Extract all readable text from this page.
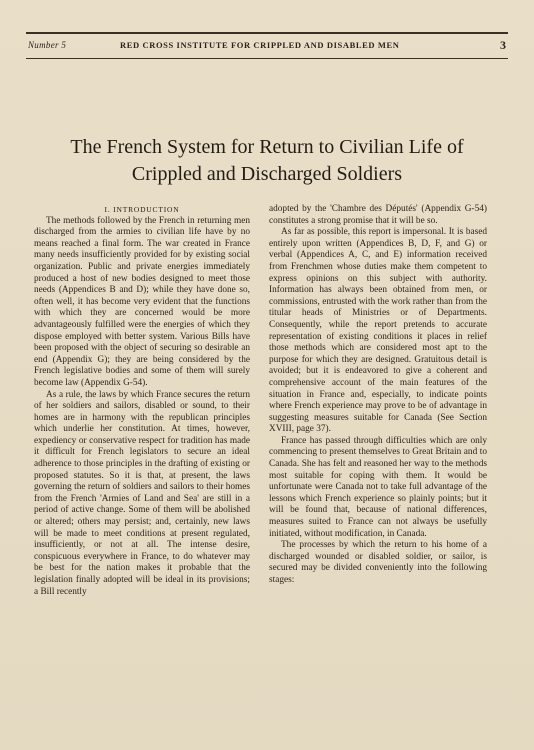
Number 5	RED CROSS INSTITUTE FOR CRIPPLED AND DISABLED MEN	3
The French System for Return to Civilian Life of
Crippled and Discharged Soldiers

I. INTRODUCTION

The methods followed by the French in returning men discharged from the armies to civilian life have by no means reached a final form. The war created in France many needs insufficiently provided for by existing social organization. Public and private energies immediately produced a host of new bodies designed to meet those needs (Appendices B and D); while they have done so, often well, it has become very evident that the functions with which they are concerned would be more advantageously fulfilled were the energies of which they dispose employed with better system. Various Bills have been proposed with the object of securing so desirable an end (Appendix G); they are being considered by the French legislative bodies and some of them will surely become law (Appendix G-54).

As a rule, the laws by which France secures the return of her soldiers and sailors, disabled or sound, to their homes are in harmony with the republican principles which underlie her constitution. At times, however, expediency or conservative respect for tradition has made it difficult for French legislators to secure an ideal adherence to those principles in the drafting of existing or proposed statutes. So it is that, at present, the laws governing the return of soldiers and sailors to their homes from the French 'Armies of Land and Sea' are still in a period of active change. Some of them will be abolished or altered; others may persist; and, certainly, new laws will be made to meet conditions at present regulated, insufficiently, or not at all. The intense desire, conspicuous everywhere in France, to do whatever may be best for the nation makes it probable that the legislation finally adopted will be ideal in its provisions; a Bill recently

adopted by the 'Chambre des Députés' (Appendix G-54) constitutes a strong promise that it will be so.

As far as possible, this report is impersonal. It is based entirely upon written (Appendices B, D, F, and G) or verbal (Appendices A, C, and E) information received from Frenchmen whose duties make them competent to express opinions on this subject with authority. Information has always been obtained from men, or commissions, entrusted with the work rather than from the titular heads of Ministries or of Departments. Consequently, while the report pretends to accurate representation of existing conditions it places in relief those methods which are considered most apt to the purpose for which they are designed. Gratuitous detail is avoided; but it is endeavored to give a coherent and comprehensive account of the main features of the situation in France and, especially, to indicate points where French experience may prove to be of advantage in suggesting measures suitable for Canada (See Section XVIII, page 37).

France has passed through difficulties which are only commencing to present themselves to Great Britain and to Canada. She has felt and reasoned her way to the methods most suitable for coping with them. It would be unfortunate were Canada not to take full advantage of the lessons which French experience so plainly points; but it will be found that, because of national differences, measures suited to France can not always be usefully initiated, without modification, in Canada.

The processes by which the return to his home of a discharged wounded or disabled soldier, or sailor, is secured may be divided conveniently into the following stages:
